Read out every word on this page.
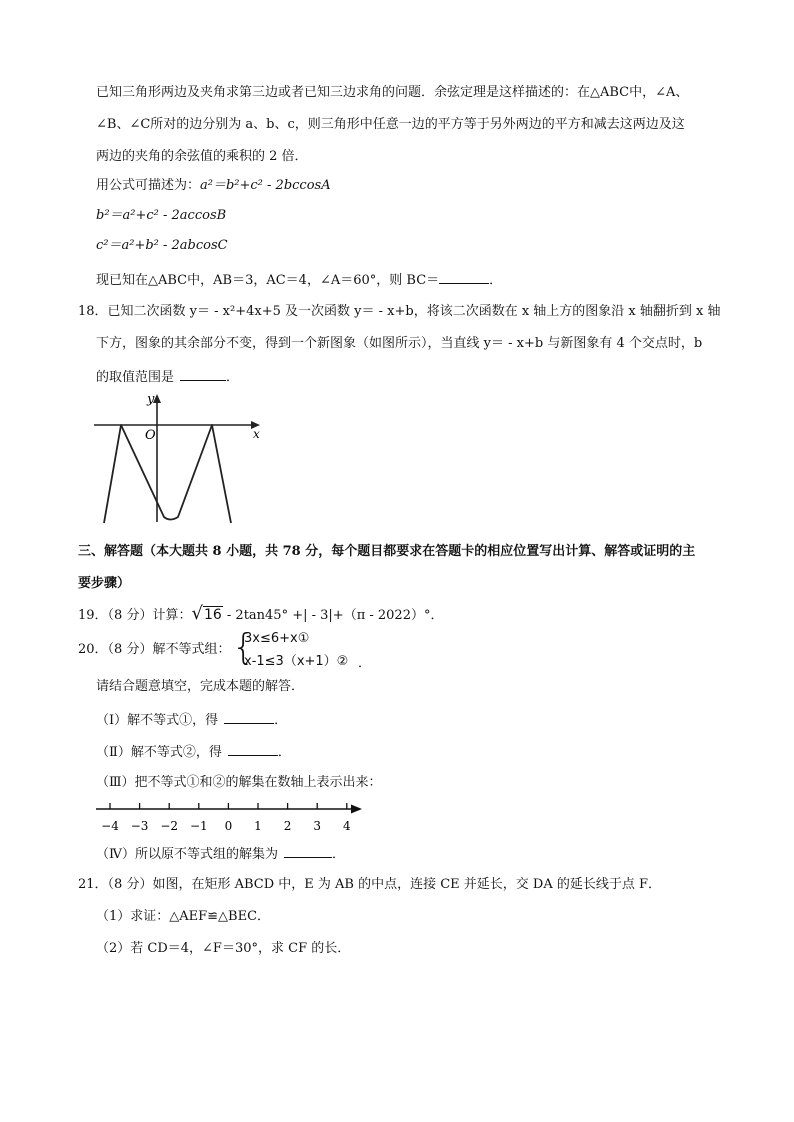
已知三角形两边及夹角求第三边或者已知三边求角的问题．余弦定理是这样描述的：在△ABC中，∠A、
∠B、∠C所对的边分别为 a、b、c，则三角形中任意一边的平方等于另外两边的平方和减去这两边及这
两边的夹角的余弦值的乘积的 2 倍．
用公式可描述为：a²＝b²+c² - 2bccosA
b²＝a²+c² - 2accosB
c²＝a²+b² - 2abcosC
现已知在△ABC中，AB＝3，AC＝4，∠A＝60°，则 BC＝	．
18．已知二次函数 y＝ - x²+4x+5 及一次函数 y＝ - x+b，将该二次函数在 x 轴上方的图象沿 x 轴翻折到 x 轴
下方，图象的其余部分不变，得到一个新图象（如图所示），当直线 y＝ - x+b 与新图象有 4 个交点时，b
的取值范围是	．
y
x
O
三、解答题（本大题共 8 小题，共 78 分，每个题目都要求在答题卡的相应位置写出计算、解答或证明的主
要步骤）
19．（8 分）计算：√16 - 2tan45° +| - 3|+（π - 2022）°．
20．（8 分）解不等式组： {
3x≤6+x①
x-1≤3（x+1）② ．
请结合题意填空，完成本题的解答．
（Ⅰ）解不等式①，得	．
（Ⅱ）解不等式②，得	．
（Ⅲ）把不等式①和②的解集在数轴上表示出来：
−4 −3 −2 −1 0 1 2 3 4
（Ⅳ）所以原不等式组的解集为	．
21．（8 分）如图，在矩形 ABCD 中，E 为 AB 的中点，连接 CE 并延长，交 DA 的延长线于点 F．
（1）求证：△AEF≌△BEC．
（2）若 CD＝4，∠F＝30°，求 CF 的长．
